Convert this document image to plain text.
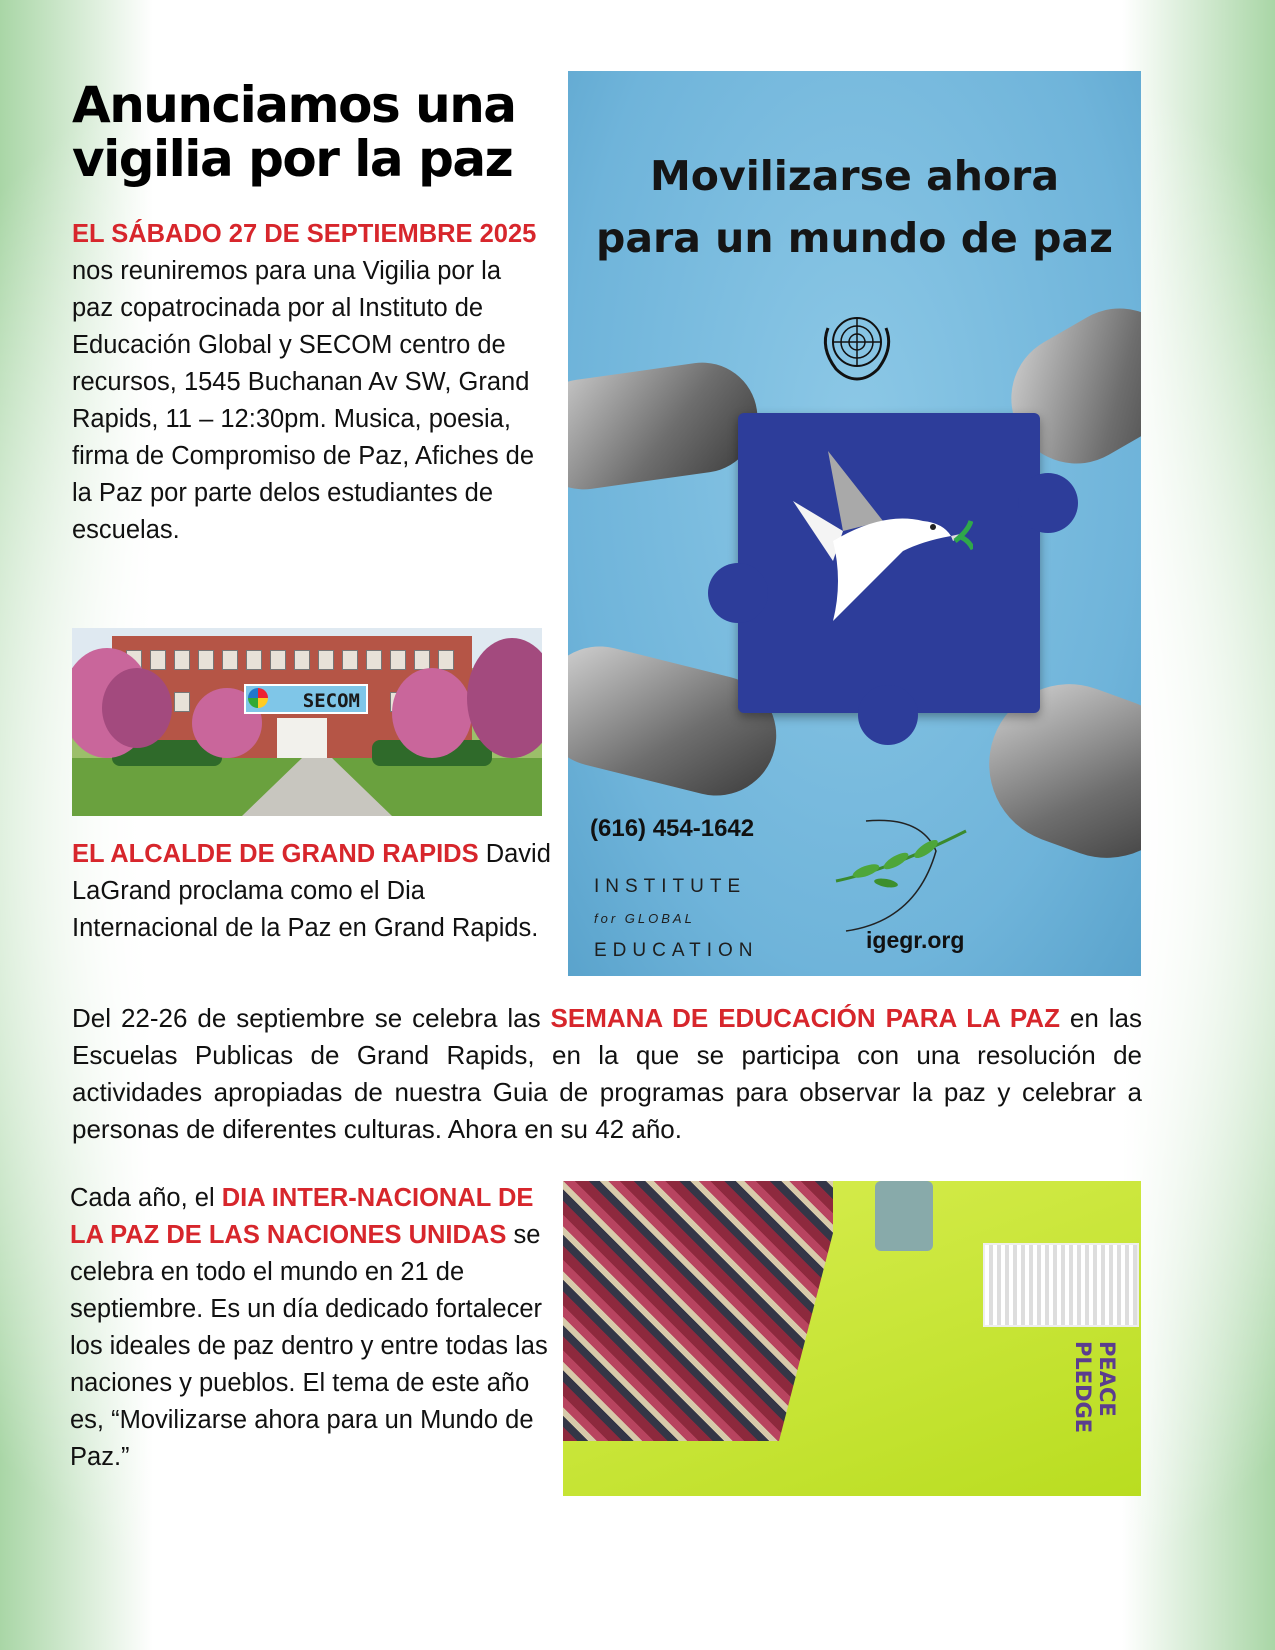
Anunciamos una vigilia por la paz

EL SÁBADO 27 DE SEPTIEMBRE 2025 nos reuniremos para una Vigilia por la paz copatrocinada por al Instituto de Educación Global y SECOM centro de recursos, 1545 Buchanan Av SW, Grand Rapids, 11 – 12:30pm. Musica, poesia, firma de Compromiso de Paz, Afiches de la Paz por parte delos estudiantes de escuelas.

SECOM

EL ALCALDE DE GRAND RAPIDS David LaGrand proclama como el Dia Internacional de la Paz en Grand Rapids.

Movilizarse ahora
para un mundo de paz

(616) 454-1642

INSTITUTE
for GLOBAL
EDUCATION	igegr.org

Del 22-26 de septiembre se celebra las SEMANA DE EDUCACIÓN PARA LA PAZ en las Escuelas Publicas de Grand Rapids, en la que se participa con una resolución de actividades apropiadas de nuestra Guia de programas para observar la paz y celebrar a personas de diferentes culturas. Ahora en su 42 año.

Cada año, el DIA INTER-NACIONAL DE LA PAZ DE LAS NACIONES UNIDAS se celebra en todo el mundo en 21 de septiembre. Es un día dedicado fortalecer los ideales de paz dentro y entre todas las naciones y pueblos. El tema de este año es, “Movilizarse ahora para un Mundo de Paz.”

PEACE PLEDGE
